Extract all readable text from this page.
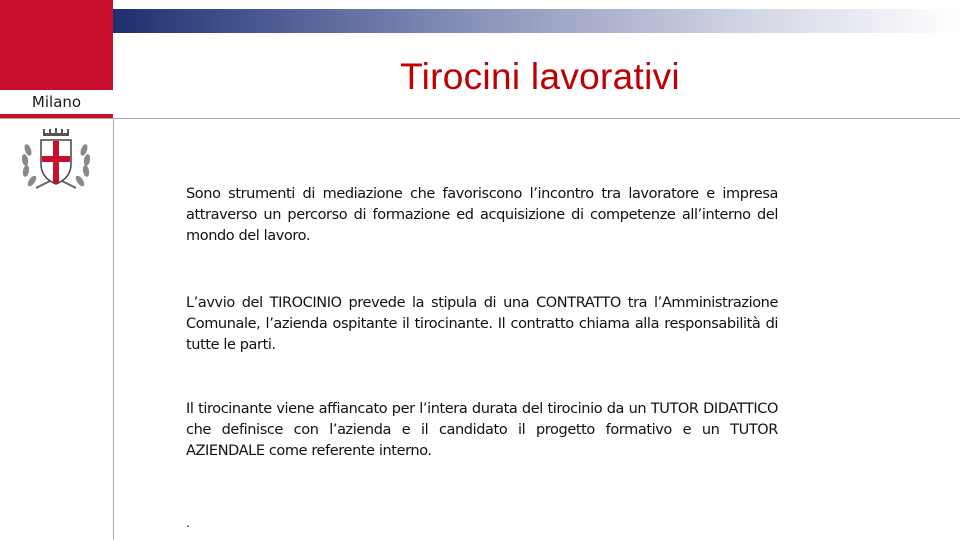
Milano
Tirocini lavorativi
Sono strumenti di mediazione che favoriscono l’incontro tra lavoratore e impresa attraverso un percorso di formazione ed acquisizione di competenze all’interno del mondo del lavoro.
L’avvio del TIROCINIO prevede la stipula di una CONTRATTO tra l’Amministrazione Comunale, l’azienda ospitante il tirocinante. Il contratto chiama alla responsabilità di tutte le parti.
Il tirocinante viene affiancato per l’intera durata del tirocinio da un TUTOR DIDATTICO che definisce con l’azienda e il candidato il progetto formativo e un TUTOR AZIENDALE come referente interno.
.
